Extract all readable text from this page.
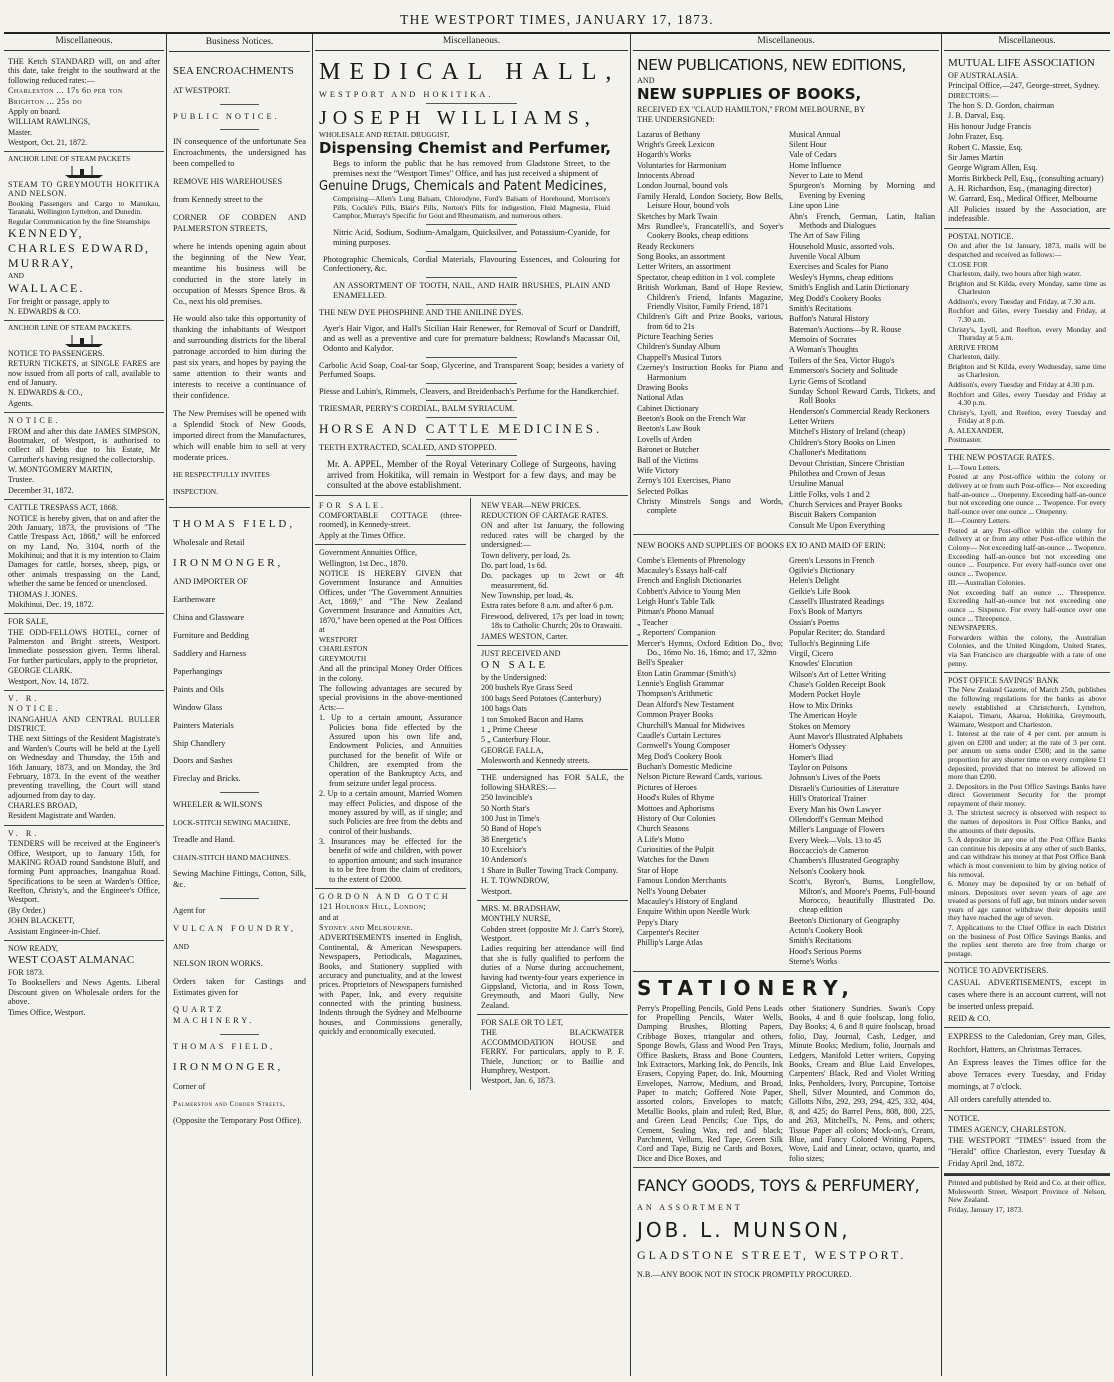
THE WESTPORT TIMES, JANUARY 17, 1873.
Miscellaneous.

THE Ketch STANDARD will, on and after this date, take freight to the southward at the following reduced rates:—

Charleston ... 17s 6d per ton

Brighton ... 25s do

Apply on board.

WILLIAM RAWLINGS,

Master.

Westport, Oct. 21, 1872.

ANCHOR LINE OF STEAM PACKETS

STEAM TO GREYMOUTH HOKITIKA AND NELSON.

Booking Passengers and Cargo to Manukau, Taranaki, Wellington Lyttelton, and Dunedin.

Regular Communication by the fine Steamships

KENNEDY,

CHARLES EDWARD,

MURRAY,

AND

WALLACE.

For freight or passage, apply to

N. EDWARDS & CO.

ANCHOR LINE OF STEAM PACKETS.

NOTICE TO PASSENGERS.

RETURN TICKETS, at SINGLE FARES are now issued from all ports of call, available to end of January.

N. EDWARDS & CO.,

Agents.

NOTICE.

FROM and after this date JAMES SIMPSON, Bootmaker, of Westport, is authorised to collect all Debts due to his Estate, Mr Carruther's having resigned the collectorship.

W. MONTGOMERY MARTIN,

Trustee.

December 31, 1872.

CATTLE TRESPASS ACT, 1868.

NOTICE is hereby given, that on and after the 20th January, 1873, the provisions of "The Cattle Trespass Act, 1868," will be enforced on my Land, No. 3104, north of the Mokihinui; and that it is my intention to Claim Damages for cattle, horses, sheep, pigs, or other animals trespassing on the Land, whether the same be fenced or unenclosed.

THOMAS J. JONES.

Mokihinui, Dec. 19, 1872.

FOR SALE,

THE ODD-FELLOWS HOTEL, corner of Palmerston and Bright streets, Westport. Immediate possession given. Terms liberal. For further particulars, apply to the proprietor,

GEORGE CLARK.

Westport, Nov. 14, 1872.

V. R.

NOTICE.

INANGAHUA AND CENTRAL BULLER DISTRICT.

THE next Sittings of the Resident Magistrate's and Warden's Courts will be held at the Lyell on Wednesday and Thursday, the 15th and 16th January, 1873, and on Monday, the 3rd February, 1873. In the event of the weather preventing travelling, the Court will stand adjourned from day to day.

CHARLES BROAD,

Resident Magistrate and Warden.

V. R.

TENDERS will be received at the Engineer's Office, Westport, up to January 15th, for MAKING ROAD round Sandstone Bluff, and forming Punt approaches, Inangahua Road. Specifications to be seen at Warden's Office, Reefton, Christy's, and the Engineer's Office, Westport.

(By Order.)

JOHN BLACKETT,

Assistant Engineer-in-Chief.

NOW READY,

WEST COAST ALMANAC

FOR 1873.

To Booksellers and News Agents. Liberal Discount given on Wholesale orders for the above.

Times Office, Westport.

Business Notices.

SEA ENCROACHMENTS

AT WESTPORT.

PUBLIC NOTICE.

IN consequence of the unfortunate Sea Encroachments, the undersigned has been compelled to

REMOVE HIS WAREHOUSES

from Kennedy street to the

CORNER OF COBDEN AND PALMERSTON STREETS,

where he intends opening again about the beginning of the New Year, meantime his business will be conducted in the store lately in occupation of Messrs Spence Bros. & Co., next his old premises.

He would also take this opportunity of thanking the inhabitants of Westport and surrounding districts for the liberal patronage accorded to him during the past six years, and hopes by paying the same attention to their wants and interests to receive a continuance of their confidence.

The New Premises will be opened with a Splendid Stock of New Goods, imported direct from the Manufactures, which will enable him to sell at very moderate prices.

HE RESPECTFULLY INVITES

INSPECTION.

THOMAS FIELD,

Wholesale and Retail

IRONMONGER,

AND IMPORTER OF

Earthenware

China and Glassware

Furniture and Bedding

Saddlery and Harness

Paperhangings

Paints and Oils

Window Glass

Painters Materials

Ship Chandlery

Doors and Sashes

Fireclay and Bricks.

WHEELER & WILSON'S

LOCK-STITCH SEWING MACHINE,

Treadle and Hand.

CHAIN-STITCH HAND MACHINES.

Sewing Machine Fittings, Cotton, Silk, &c.

Agent for

VULCAN FOUNDRY,

AND

NELSON IRON WORKS.

Orders taken for Castings and Estimates given for

QUARTZ MACHINERY.

THOMAS FIELD,

IRONMONGER,

Corner of

Palmerston and Cobden Streets,

(Opposite the Temporary Post Office).

Miscellaneous.

MEDICAL HALL,

WESTPORT AND HOKITIKA.

JOSEPH WILLIAMS,

WHOLESALE AND RETAIL DRUGGIST,

Dispensing Chemist and Perfumer,

Begs to inform the public that he has removed from Gladstone Street, to the premises next the "Westport Times" Office, and has just received a shipment of

Genuine Drugs, Chemicals and Patent Medicines,

Comprising—Allen's Lung Balsam, Chlorodyne, Ford's Balsam of Horehound, Morrison's Pills, Cockle's Pills, Blair's Pills, Norton's Pills for indigestion, Fluid Magnesia, Fluid Camphor, Murray's Specific for Gout and Rheumatism, and numerous others.

Nitric Acid, Sodium, Sodium-Amalgam, Quicksilver, and Potassium-Cyanide, for mining purposes.

Photographic Chemicals, Cordial Materials, Flavouring Essences, and Colouring for Confectionery, &c.

AN ASSORTMENT OF TOOTH, NAIL, AND HAIR BRUSHES, PLAIN AND ENAMELLED.

THE NEW DYE PHOSPHINE AND THE ANILINE DYES.

Ayer's Hair Vigor, and Hall's Sicilian Hair Renewer, for Removal of Scurf or Dandriff, and as well as a preventive and cure for premature baldness; Rowland's Macassar Oil, Odonto and Kalydor.

Carbolic Acid Soap, Coal-tar Soap, Glycerine, and Transparent Soap; besides a variety of Perfumed Soaps.

Piesse and Lubin's, Rimmels, Cleavers, and Breidenbach's Perfume for the Handkerchief.

TRIESMAR, PERRY'S CORDIAL, BALM SYRIACUM.

HORSE AND CATTLE MEDICINES.

TEETH EXTRACTED, SCALED, AND STOPPED.

Mr. A. APPEL, Member of the Royal Veterinary College of Surgeons, having arrived from Hokitika, will remain in Westport for a few days, and may be consulted at the above establishment.

FOR SALE.

COMFORTABLE COTTAGE (three-roomed), in Kennedy-street.

Apply at the Times Office.

Government Annuities Office,

Wellington, 1st Dec., 1870.

NOTICE IS HEREBY GIVEN that Government Insurance and Annuities Offices, under "The Government Annuities Act, 1869," and "The New Zealand Government Insurance and Annuities Act, 1870," have been opened at the Post Offices at

WESTPORT

CHARLESTON

GREYMOUTH

And all the principal Money Order Offices in the colony.

The following advantages are secured by special provisions in the above-mentioned Acts:—

1. Up to a certain amount, Assurance Policies bona fide effected by the Assured upon his own life and, Endowment Policies, and Annuities purchased for the benefit of Wife or Children, are exempted from the operation of the Bankruptcy Acts, and from seizure under legal process.

2. Up to a certain amount, Married Women may effect Policies, and dispose of the money assured by will, as if single; and such Policies are free from the debts and control of their husbands.

3. Insurances may be effected for the benefit of wife and children, with power to apportion amount; and such insurance is to be free from the claim of creditors, to the extent of £2000.

GORDON AND GOTCH

121 Holborn Hill, London;

and at

Sydney and Melbourne.

ADVERTISEMENTS inserted in English, Continental, & American Newspapers. Newspapers, Periodicals, Magazines, Books, and Stationery supplied with accuracy and punctuality, and at the lowest prices. Proprietors of Newspapers furnished with Paper, Ink, and every requisite connected with the printing business. Indents through the Sydney and Melbourne houses, and Commissions generally, quickly and economically executed.

NEW YEAR—NEW PRICES.

REDUCTION OF CARTAGE RATES.

ON and after 1st January, the following reduced rates will be charged by the undersigned:—

Town delivery, per load, 2s.

Do. part load, 1s 6d.

Do. packages up to 2cwt or 4ft measurement, 6d.

New Township, per load, 4s.

Extra rates before 8 a.m. and after 6 p.m.

Firewood, delivered, 17s per load in town; 18s to Catholic Church; 20s to Orawaiti.

JAMES WESTON, Carter.

JUST RECEIVED AND

ON SALE

by the Undersigned:

200 bushels Rye Grass Seed

100 bags Seed Potatoes (Canterbury)

100 bags Oats

1 ton Smoked Bacon and Hams

1 „ Prime Cheese

5 „ Canterbury Flour.

GEORGE FALLA,

Molesworth and Kennedy streets.

THE undersigned has FOR SALE, the following SHARES:—

250 Invincible's

50 North Star's

100 Just in Time's

50 Band of Hope's

38 Energetic's

10 Excelsior's

10 Anderson's

1 Share in Buller Towing Track Company.

H. T. TOWNDROW,

Westport.

MRS. M. BRADSHAW,

MONTHLY NURSE,

Cobden street (opposite Mr J. Carr's Store), Westport.

Ladies requiring her attendance will find that she is fully qualified to perform the duties of a Nurse during accouchement, having had twenty-four years experience in Gippsland, Victoria, and in Ross Town, Greymouth, and Maori Gully, New Zealand.

FOR SALE OR TO LET,

THE BLACKWATER ACCOMMODATION HOUSE and FERRY. For particulars, apply to P. F. Thiele, Junction; or to Baillie and Humphrey, Westport.

Westport, Jan. 6, 1873.

Miscellaneous.

NEW PUBLICATIONS, NEW EDITIONS,

AND

NEW SUPPLIES OF BOOKS,

RECEIVED EX "CLAUD HAMILTON," FROM MELBOURNE, BY

THE UNDERSIGNED:

Lazarus of Bethany

Wright's Greek Lexicon

Hogarth's Works

Voluntaries for Harmonium

Innocents Abroad

London Journal, bound vols

Family Herald, London Society, Bow Bells, Leisure Hour, bound vols

Sketches by Mark Twain

Mrs Rundlee's, Francatelli's, and Soyer's Cookery Books, cheap editions

Ready Reckoners

Song Books, an assortment

Letter Writers, an assortment

Spectator, cheap edition in 1 vol. complete

British Workman, Band of Hope Review, Children's Friend, Infants Magazine, Friendly Visitor, Family Friend, 1871

Children's Gift and Prize Books, various, from 6d to 21s

Picture Teaching Series

Children's Sunday Album

Chappell's Musical Tutors

Czerney's Instruction Books for Piano and Harmonium

Drawing Books

National Atlas

Cabinet Dictionary

Beeton's Book on the French War

Beeton's Law Book

Lovells of Arden

Baronet or Butcher

Ball of the Victims

Wife Victory

Zerny's 101 Exercises, Piano

Selected Polkas

Christy Minstrels Songs and Words, complete

Musical Annual

Silent Hour

Vale of Cedars

Home Influence

Never to Late to Mend

Spurgeon's Morning by Morning and Evening by Evening

Line upon Line

Ahn's French, German, Latin, Italian Methods and Dialogues

The Art of Saw Filing

Household Music, assorted vols.

Juvenile Vocal Album

Exercises and Scales for Piano

Wesley's Hymns, cheap editions

Smith's English and Latin Dictionary

Meg Dodd's Cookery Books

Smith's Recitations

Buffon's Natural History

Bateman's Auctions—by R. Rouse

Memoirs of Socrates

A Woman's Thoughts

Toilers of the Sea, Victor Hugo's

Emmerson's Society and Solitude

Lyric Gems of Scotland

Sunday School Reward Cards, Tickets, and Roll Books

Henderson's Commercial Ready Reckoners

Letter Writers

Mitchel's History of Ireland (cheap)

Children's Story Books on Linen

Challoner's Meditations

Devout Christian, Sincere Christian

Philothea and Crown of Jesus

Ursuline Manual

Little Folks, vols 1 and 2

Church Services and Prayer Books

Biscuit Bakers Companion

Consult Me Upon Everything

NEW BOOKS AND SUPPLIES OF BOOKS EX IO AND MAID OF ERIN:

Combe's Elements of Phrenology

Macauley's Essays half-calf

French and English Dictionaries

Cobbett's Advice to Young Men

Leigh Hunt's Table Talk

Pitman's Phono Manual

„ Teacher

„ Reporters' Companion

Mercer's Hymns, Oxford Edition Do., 8vo; Do., 16mo No. 16, 16mo; and 17, 32mo

Bell's Speaker

Eton Latin Grammar (Smith's)

Lennie's English Grammar

Thompson's Arithmetic

Dean Alford's New Testament

Common Prayer Books

Churchill's Manual for Midwives

Caudle's Curtain Lectures

Cornwell's Young Composer

Meg Dod's Cookery Book

Buchan's Domestic Medicine

Nelson Picture Reward Cards, various.

Pictures of Heroes

Hood's Rules of Rhyme

Mottoes and Aphorisms

History of Our Colonies

Church Seasons

A Life's Motto

Curiosities of the Pulpit

Watches for the Dawn

Star of Hope

Famous London Merchants

Nell's Young Debater

Macauley's History of England

Enquire Within upon Needle Work

Pepy's Diary

Carpenter's Reciter

Phillip's Large Atlas

Green's Lessons in French

Ogilvie's Dictionary

Helen's Delight

Geikie's Life Book

Cassell's Illustrated Readings

Fox's Book of Martyrs

Ossian's Poems

Popular Reciter; do. Standard

Tulloch's Beginning Life

Virgil, Cicero

Knowles' Elocution

Wilson's Art of Letter Writing

Chase's Golden Receipt Book

Modern Pocket Hoyle

How to Mix Drinks

The American Hoyle

Stokes on Memory

Aunt Mavor's Illustrated Alphabets

Homer's Odyssey

Homer's Iliad

Taylor on Poisons

Johnson's Lives of the Poets

Disraeli's Curiosities of Literature

Hill's Oratorical Trainer

Every Man his Own Lawyer

Ollendorff's German Method

Miller's Language of Flowers

Every Week—Vols. 13 to 45

Boccaccio's de Cameron

Chambers's Illustrated Geography

Nelson's Cookery book

Scott's, Byron's, Burns, Longfellow, Milton's, and Moore's Poems, Full-bound Morocco, beautifully Illustrated Do. cheap edition

Beeton's Dictionary of Geography

Acton's Cookery Book

Smith's Recitations

Hood's Serious Poems

Sterne's Works

STATIONERY,

Perry's Propelling Pencils, Gold Pens Leads for Propelling Pencils, Water Wells, Damping Brushes, Blotting Papers, Cribbage Boxes, triangular and others, Sponge Bowls, Glass and Wood Pen Trays, Office Baskets, Brass and Bone Counters, Ink Extractors, Marking Ink, do Pencils, Ink Erasers, Copying Paper, do. Ink, Mourning Envelopes, Narrow, Medium, and Broad, Paper to match; Goffered Note Paper, assorted colors, Envelopes to match; Metallic Books, plain and ruled; Red, Blue, and Green Lead Pencils; Cue Tips, do Cement, Sealing Wax, red and black; Parchment, Vellum, Red Tape, Green Silk Cord and Tape, Bizig ne Cards and Boxes, Dice and Dice Boxes, and

other Stationery Sundries. Swan's Copy Books, 4 and 8 quie foolscap, long folio, Day Books; 4, 6 and 8 quire foolscap, broad folio, Day, Journal, Cash, Ledger, and Minute Books; Medium, folio, Journals and Ledgers, Manifold Letter writers, Copying Books, Cream and Blue Laid Envelopes, Carpenters' Black, Red and Violet Writing Inks, Penholders, Ivory, Porcupine, Tortoise Shell, Silver Mounted, and Common do, Gillotts Nibs, 292, 293, 294, 425, 332, 404, 8, and 425; do Barrel Pens, 808, 800, 225, and 263, Mitchell's, N. Pens, and others; Tissue Paper all colors; Mock-on's, Cream, Blue, and Fancy Colored Writing Papers, Wove, Laid and Linear, octavo, quarto, and folio sizes;

FANCY GOODS, TOYS & PERFUMERY,

AN ASSORTMENT

JOB. L. MUNSON,

GLADSTONE STREET, WESTPORT.

N.B.—ANY BOOK NOT IN STOCK PROMPTLY PROCURED.

Miscellaneous.

MUTUAL LIFE ASSOCIATION

OF AUSTRALASIA.

Principal Office,—247, George-street, Sydney.

DIRECTORS:—

The hon S. D. Gordon, chairman

J. B. Darval, Esq.

His honour Judge Francis

John Frazer, Esq.

Robert C. Massie, Esq.

Sir James Martin

George Wigram Allen, Esq.

Morris Birkbeck Pell, Esq., (consulting actuary)

A. H. Richardson, Esq., (managing director)

W. Garrard, Esq., Medical Officer, Melbourne

All Policies issued by the Association, are indefeasible.

POSTAL NOTICE.

On and after the 1st January, 1873, mails will be despatched and received as follows:—

CLOSE FOR

Charleston, daily, two hours after high water.

Brighton and St Kilda, every Monday, same time as Charleston

Addison's, every Tuesday and Friday, at 7.30 a.m.

Rochfort and Giles, every Tuesday and Friday, at 7.30 a.m.

Christy's, Lyell, and Reefton, every Monday and Thursday at 5 a.m.

ARRIVE FROM

Charleston, daily.

Brighton and St Kilda, every Wednesday, same time as Charleston.

Addison's, every Tuesday and Friday at 4.30 p.m.

Rochfort and Giles, every Tuesday and Friday at 4.30 p.m.

Christy's, Lyell, and Reefton, every Tuesday and Friday at 8 p.m.

A. ALEXANDER,

Postmaster.

THE NEW POSTAGE RATES.

I.—Town Letters.

Posted at any Post-office within the colony or delivery at or from such Post-office— Not exceeding half-an-ounce ... Onepenny. Exceeding half-an-ounce but not exceeding one ounce ... Twopence. For every half-ounce over one ounce ... Onepenny.

II.—Country Letters.

Posted at any Post-office within the colony for delivery at or from any other Post-office within the Colony— Not exceeding half-an-ounce ... Twopence. Exceeding half-an-ounce but not exceeding one ounce ... Fourpence. For every half-ounce over one ounce ... Twopence.

III.—Australian Colonies.

Not exceeding half an ounce ... Threepence. Exceeding half-an-ounce but not exceeding one ounce ... Sixpence. For every half-ounce over one ounce ... Threepence.

NEWSPAPERS.

Forwarders within the colony, the Australian Colonies, and the United Kingdom, United States, via San Francisco are chargeable with a rate of one penny.

POST OFFICE SAVINGS' BANK

The New Zealand Gazette, of March 25th, publishes the following regulations for the banks as above newly established at Christchurch, Lyttelton, Kaiapoi, Timaru, Akaroa, Hokitika, Greymouth, Waimate, Westport and Charleston.

1. Interest at the rate of 4 per cent. per annum is given on £200 and under; at the rate of 3 per cent. per annum on sums under £500; and in the same proportion for any shorter time on every complete £1 deposited, provided that no interest be allowed on more than £200.

2. Depositors in the Post Office Savings Banks have direct Government Security for the prompt repayment of their money.

3. The strictest secrecy is observed with respect to the names of depositors in Post Office Banks, and the amounts of their deposits.

5. A depositor in any one of the Post Office Banks can continue his deposits at any other of such Banks, and can withdraw his money at that Post Office Bank which is most convenient to him by giving notice of his removal.

6. Money may be deposited by or on behalf of minors. Depositors over seven years of age are treated as persons of full age, but minors under seven years of age cannot withdraw their deposits until they have reached the age of seven.

7. Applications to the Chief Office in each District on the business of Post Office Savings Banks, and the replies sent thereto are free from charge or postage.

NOTICE TO ADVERTISERS.

CASUAL ADVERTISEMENTS, except in cases where there is an account current, will not be inserted unless prepaid.

REID & CO.

EXPRESS to the Caledonian, Grey man, Giles, Rochfort, Hatters, an Christmas Terraces.

An Express leaves the Times office for the above Terraces every Tuesday, and Friday mornings, at 7 o'clock.

All orders carefully attended to.

NOTICE.

TIMES AGENCY, CHARLESTON.

THE WESTPORT "TIMES" issued from the "Herald" office Charleston, every Tuesday & Friday April 2nd, 1872.

Printed and published by Reid and Co. at their office, Molesworth Street, Westport Province of Nelson, New Zealand.

Friday, January 17, 1873.
